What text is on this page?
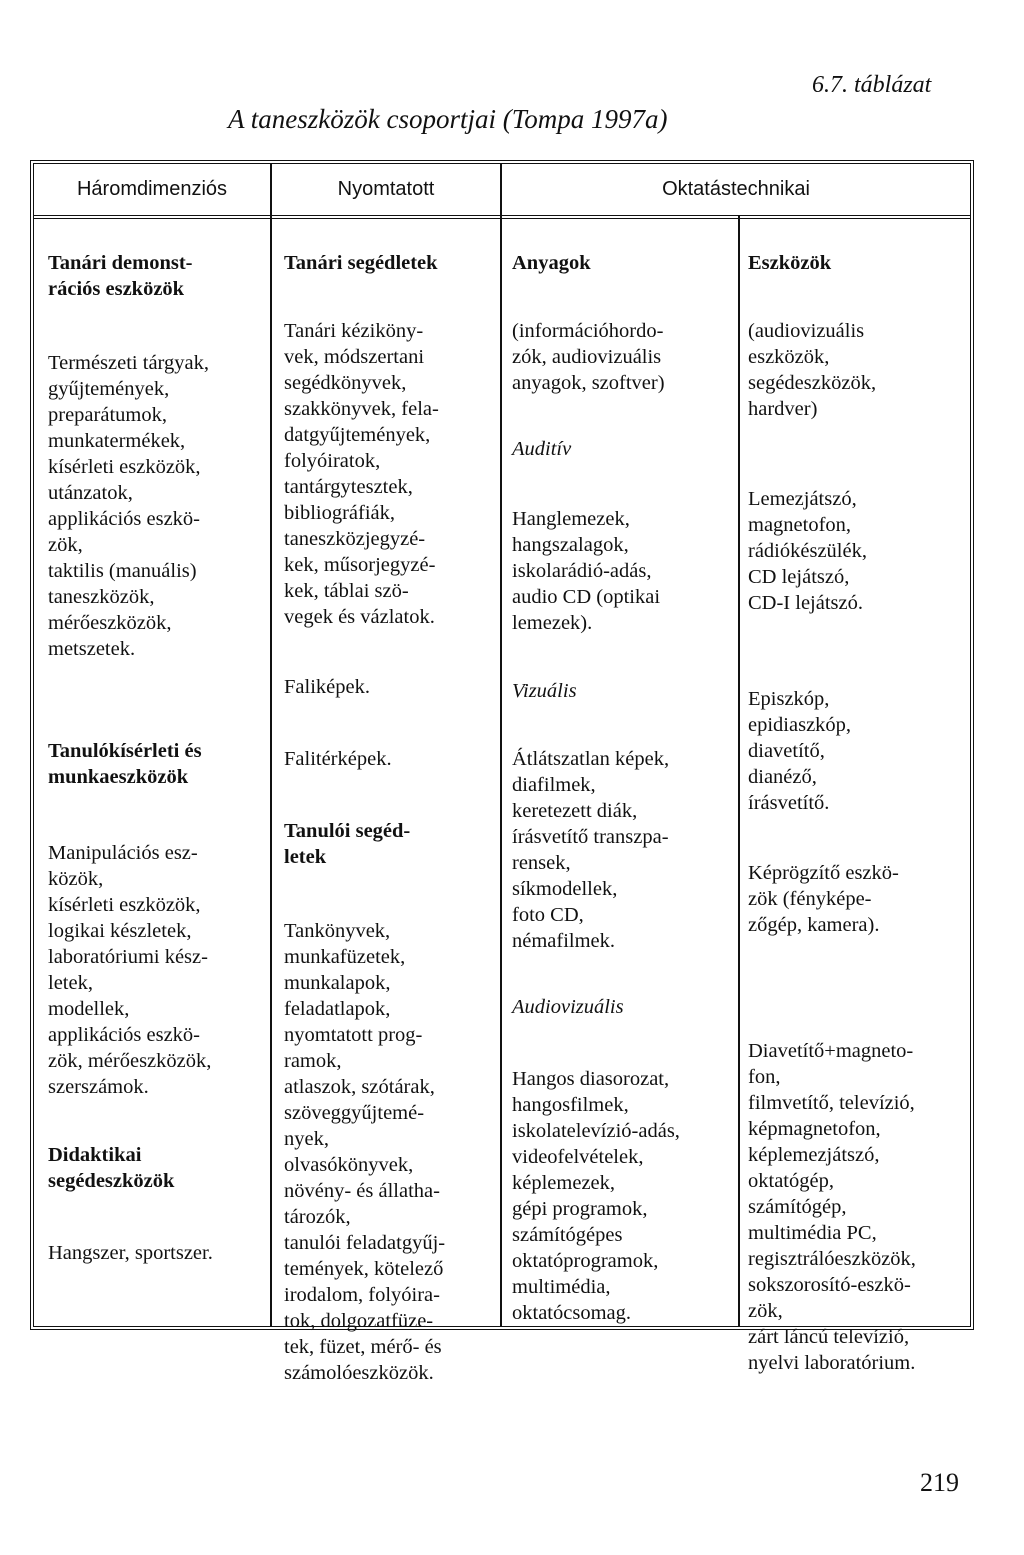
6.7. táblázat
A taneszközök csoportjai (Tompa 1997a)
Háromdimenziós	Nyomtatott	Oktatástechnikai

Tanári demonst-
rációs eszközök

Természeti tárgyak,
gyűjtemények,
preparátumok,
munkatermékek,
kísérleti eszközök,
utánzatok,
applikációs eszkö-
zök,
taktilis (manuális)
taneszközök,
mérőeszközök,
metszetek.

Tanulókísérleti és
munkaeszközök

Manipulációs esz-
közök,
kísérleti eszközök,
logikai készletek,
laboratóriumi kész-
letek,
modellek,
applikációs eszkö-
zök, mérőeszközök,
szerszámok.

Didaktikai
segédeszközök

Hangszer, sportszer.

Tanári segédletek

Tanári kéziköny-
vek, módszertani
segédkönyvek,
szakkönyvek, fela-
datgyűjtemények,
folyóiratok,
tantárgytesztek,
bibliográfiák,
taneszközjegyzé-
kek, műsorjegyzé-
kek, táblai szö-
vegek és vázlatok.

Faliképek.

Falitérképek.

Tanulói segéd-
letek

Tankönyvek,
munkafüzetek,
munkalapok,
feladatlapok,
nyomtatott prog-
ramok,
atlaszok, szótárak,
szöveggyűjtemé-
nyek,
olvasókönyvek,
növény- és állatha-
tározók,
tanulói feladatgyűj-
temények, kötelező
irodalom, folyóira-
tok, dolgozatfüze-
tek, füzet, mérő- és
számolóeszközök.

Anyagok

(információhordo-
zók, audiovizuális
anyagok, szoftver)

Auditív

Hanglemezek,
hangszalagok,
iskolarádió-adás,
audio CD (optikai
lemezek).

Vizuális

Átlátszatlan képek,
diafilmek,
keretezett diák,
írásvetítő transzpa-
rensek,
síkmodellek,
foto CD,
némafilmek.

Audiovizuális

Hangos diasorozat,
hangosfilmek,
iskolatelevízió-adás,
videofelvételek,
képlemezek,
gépi programok,
számítógépes
oktatóprogramok,
multimédia,
oktatócsomag.

Eszközök

(audiovizuális
eszközök,
segédeszközök,
hardver)

Lemezjátszó,
magnetofon,
rádiókészülék,
CD lejátszó,
CD-I lejátszó.

Episzkóp,
epidiaszkóp,
diavetítő,
dianéző,
írásvetítő.

Képrögzítő eszkö-
zök (fényképe-
zőgép, kamera).

Diavetítő+magneto-
fon,
filmvetítő, televízió,
képmagnetofon,
képlemezjátszó,
oktatógép,
számítógép,
multimédia PC,
regisztrálóeszközök,
sokszorosító-eszkö-
zök,
zárt láncú televízió,
nyelvi laboratórium.

219
